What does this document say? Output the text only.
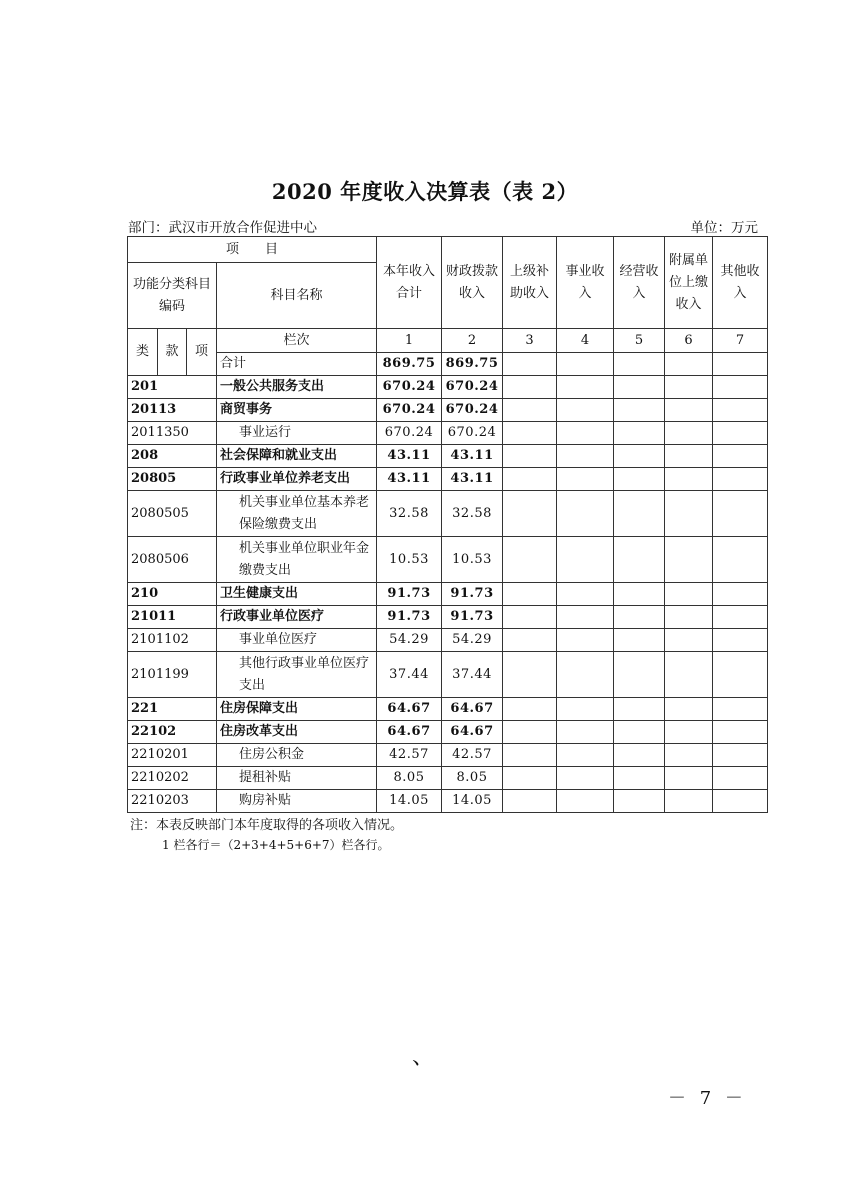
2020 年度收入决算表（表 2）
部门：武汉市开放合作促进中心	单位：万元
项　　目				本年收入合计	财政拨款收入	上级补助收入	事业收入	经营收入	附属单位上缴收入	其他收入
功能分类科目编码			科目名称							

类	款	项	栏次	1	2	3	4	5	6	7
			合计	869.75	869.75					
201			一般公共服务支出	670.24	670.24					
20113			商贸事务	670.24	670.24					
2011350			事业运行	670.24	670.24					
208			社会保障和就业支出	43.11	43.11					
20805			行政事业单位养老支出	43.11	43.11					
2080505			机关事业单位基本养老保险缴费支出	32.58	32.58					
2080506			机关事业单位职业年金缴费支出	10.53	10.53					
210			卫生健康支出	91.73	91.73					
21011			行政事业单位医疗	91.73	91.73					
2101102			事业单位医疗	54.29	54.29					
2101199			其他行政事业单位医疗支出	37.44	37.44					
221			住房保障支出	64.67	64.67					
22102			住房改革支出	64.67	64.67					
2210201			住房公积金	42.57	42.57					
2210202			提租补贴	8.05	8.05					
2210203			购房补贴	14.05	14.05					
注：本表反映部门本年度取得的各项收入情况。
1 栏各行＝（2+3+4+5+6+7）栏各行。
、
－ 7 －
